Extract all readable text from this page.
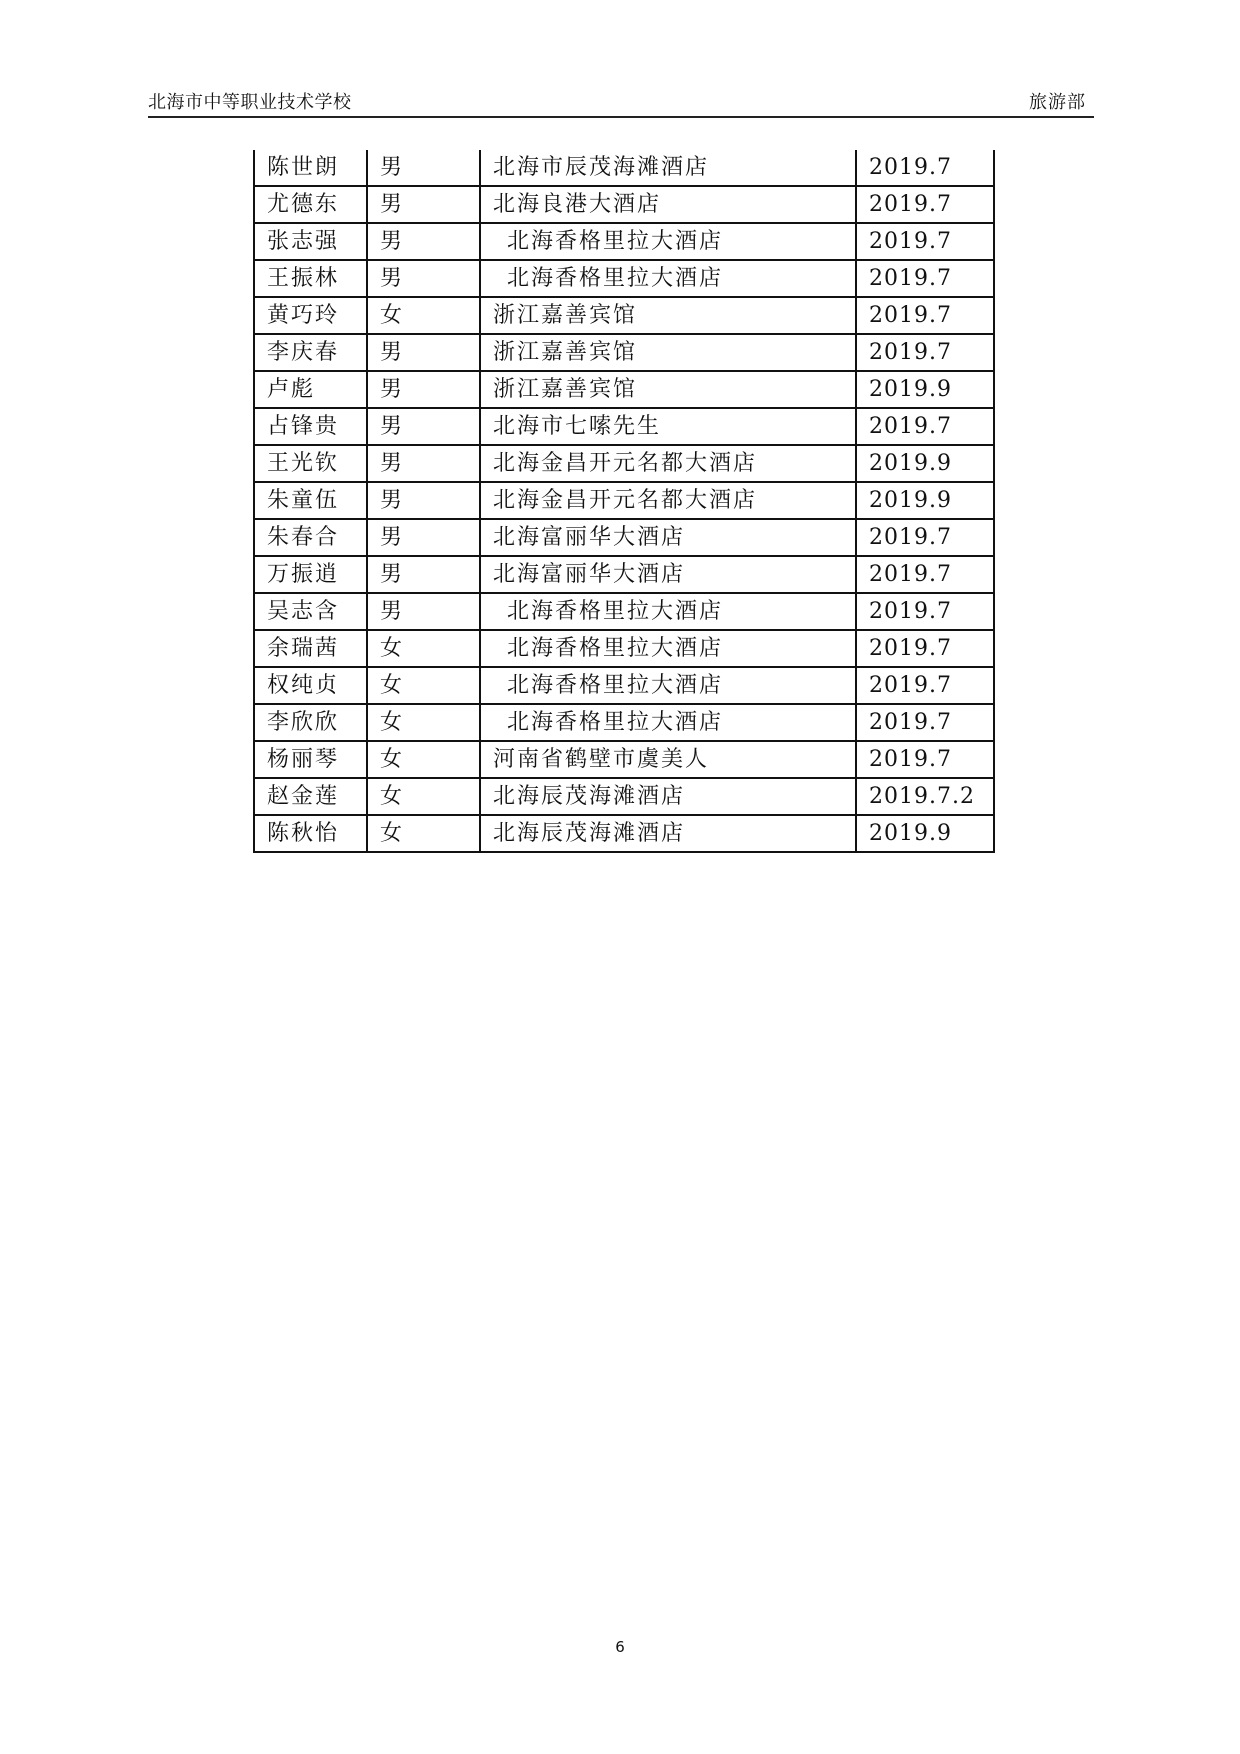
北海市中等职业技术学校	旅游部
陈世朗	男	北海市辰茂海滩酒店	2019.7
尤德东	男	北海良港大酒店	2019.7
张志强	男	北海香格里拉大酒店	2019.7
王振林	男	北海香格里拉大酒店	2019.7
黄巧玲	女	浙江嘉善宾馆	2019.7
李庆春	男	浙江嘉善宾馆	2019.7
卢彪	男	浙江嘉善宾馆	2019.9
占锋贵	男	北海市七嗦先生	2019.7
王光钦	男	北海金昌开元名都大酒店	2019.9
朱童伍	男	北海金昌开元名都大酒店	2019.9
朱春合	男	北海富丽华大酒店	2019.7
万振逍	男	北海富丽华大酒店	2019.7
吴志含	男	北海香格里拉大酒店	2019.7
余瑞茜	女	北海香格里拉大酒店	2019.7
权纯贞	女	北海香格里拉大酒店	2019.7
李欣欣	女	北海香格里拉大酒店	2019.7
杨丽琴	女	河南省鹤壁市虞美人	2019.7
赵金莲	女	北海辰茂海滩酒店	2019.7.2
陈秋怡	女	北海辰茂海滩酒店	2019.9
6
